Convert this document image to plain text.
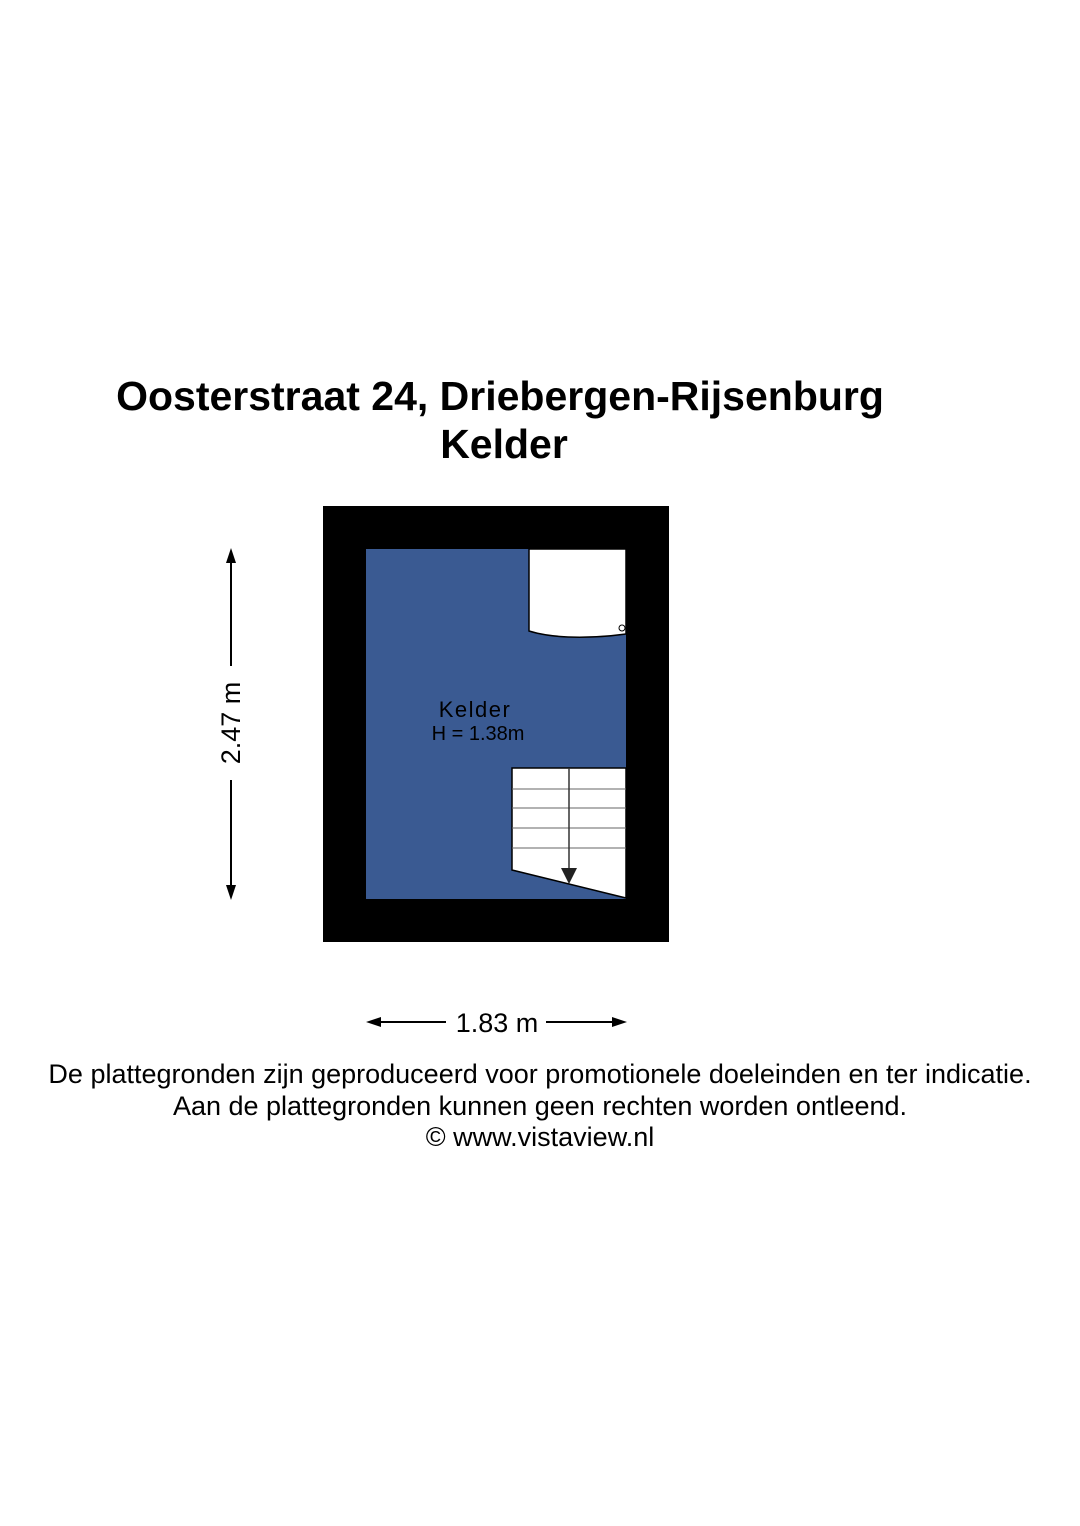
Oosterstraat 24, Driebergen-Rijsenburg
Kelder
Kelder
H = 1.38m
2.47 m
1.83 m
De plattegronden zijn geproduceerd voor promotionele doeleinden en ter indicatie.
Aan de plattegronden kunnen geen rechten worden ontleend.
© www.vistaview.nl
